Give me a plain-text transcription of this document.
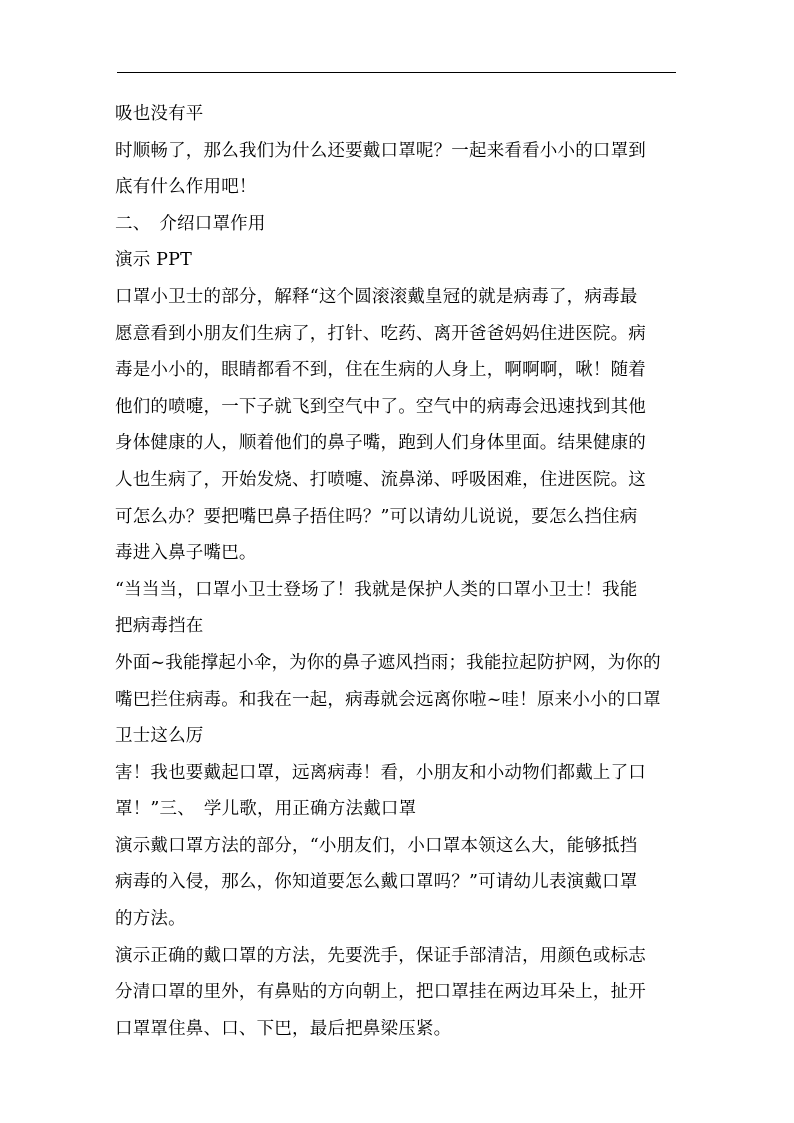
吸也没有平
时顺畅了，那么我们为什么还要戴口罩呢？一起来看看小小的口罩到
底有什么作用吧！
二、　介绍口罩作用
演示 PPT
口罩小卫士的部分，解释“这个圆滚滚戴皇冠的就是病毒了，病毒最
愿意看到小朋友们生病了，打针、吃药、离开爸爸妈妈住进医院。病
毒是小小的，眼睛都看不到，住在生病的人身上，啊啊啊，啾！随着
他们的喷嚏，一下子就飞到空气中了。空气中的病毒会迅速找到其他
身体健康的人，顺着他们的鼻子嘴，跑到人们身体里面。结果健康的
人也生病了，开始发烧、打喷嚏、流鼻涕、呼吸困难，住进医院。这
可怎么办？要把嘴巴鼻子捂住吗？”可以请幼儿说说，要怎么挡住病
毒进入鼻子嘴巴。
“当当当，口罩小卫士登场了！我就是保护人类的口罩小卫士！我能
把病毒挡在
外面~我能撑起小伞，为你的鼻子遮风挡雨；我能拉起防护网，为你的
嘴巴拦住病毒。和我在一起，病毒就会远离你啦~哇！原来小小的口罩
卫士这么厉
害！我也要戴起口罩，远离病毒！看，小朋友和小动物们都戴上了口
罩！”三、　学儿歌，用正确方法戴口罩
演示戴口罩方法的部分，“小朋友们，小口罩本领这么大，能够抵挡
病毒的入侵，那么，你知道要怎么戴口罩吗？”可请幼儿表演戴口罩
的方法。
演示正确的戴口罩的方法，先要洗手，保证手部清洁，用颜色或标志
分清口罩的里外，有鼻贴的方向朝上，把口罩挂在两边耳朵上，扯开
口罩罩住鼻、口、下巴，最后把鼻梁压紧。
